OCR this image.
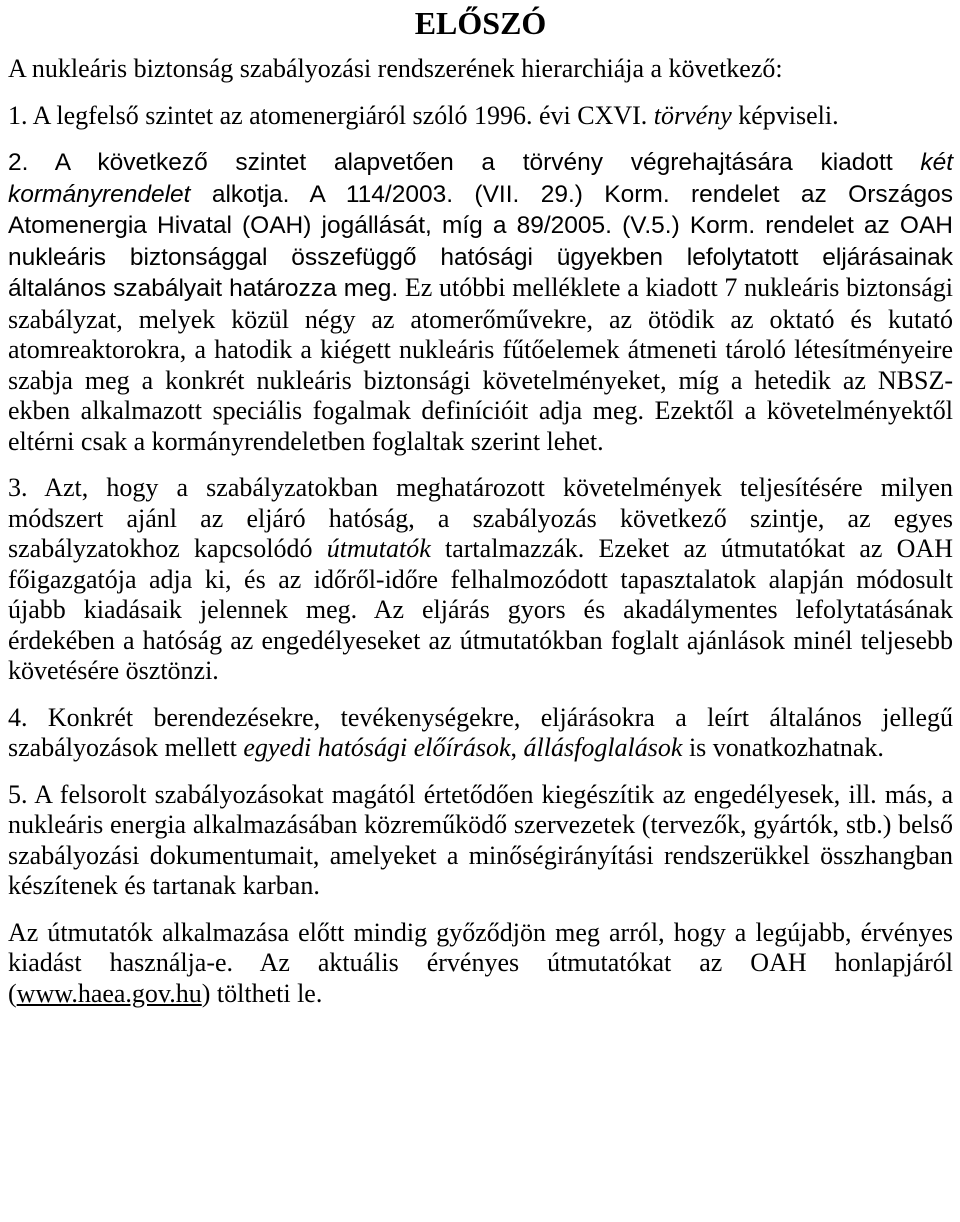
ELŐSZÓ

A nukleáris biztonság szabályozási rendszerének hierarchiája a következő:

1. A legfelső szintet az atomenergiáról szóló 1996. évi CXVI. törvény képviseli.

2. A következő szintet alapvetően a törvény végrehajtására kiadott két kormányrendelet alkotja. A 114/2003. (VII. 29.) Korm. rendelet az Országos Atomenergia Hivatal (OAH) jogállását, míg a 89/2005. (V.5.) Korm. rendelet az OAH nukleáris biztonsággal összefüggő hatósági ügyekben lefolytatott eljárásainak általános szabályait határozza meg. Ez utóbbi melléklete a kiadott 7 nukleáris biztonsági szabályzat, melyek közül négy az atomerőművekre, az ötödik az oktató és kutató atomreaktorokra, a hatodik a kiégett nukleáris fűtőelemek átmeneti tároló létesítményeire szabja meg a konkrét nukleáris biztonsági követelményeket, míg a hetedik az NBSZ-ekben alkalmazott speciális fogalmak definícióit adja meg. Ezektől a követelményektől eltérni csak a kormányrendeletben foglaltak szerint lehet.

3. Azt, hogy a szabályzatokban meghatározott követelmények teljesítésére milyen módszert ajánl az eljáró hatóság, a szabályozás következő szintje, az egyes szabályzatokhoz kapcsolódó útmutatók tartalmazzák. Ezeket az útmutatókat az OAH főigazgatója adja ki, és az időről-időre felhalmozódott tapasztalatok alapján módosult újabb kiadásaik jelennek meg. Az eljárás gyors és akadálymentes lefolytatásának érdekében a hatóság az engedélyeseket az útmutatókban foglalt ajánlások minél teljesebb követésére ösztönzi.

4. Konkrét berendezésekre, tevékenységekre, eljárásokra a leírt általános jellegű szabályozások mellett egyedi hatósági előírások, állásfoglalások is vonatkozhatnak.

5. A felsorolt szabályozásokat magától értetődően kiegészítik az engedélyesek, ill. más, a nukleáris energia alkalmazásában közreműködő szervezetek (tervezők, gyártók, stb.) belső szabályozási dokumentumait, amelyeket a minőségirányítási rendszerükkel összhangban készítenek és tartanak karban.

Az útmutatók alkalmazása előtt mindig győződjön meg arról, hogy a legújabb, érvényes kiadást használja-e. Az aktuális érvényes útmutatókat az OAH honlapjáról (www.haea.gov.hu) töltheti le.
